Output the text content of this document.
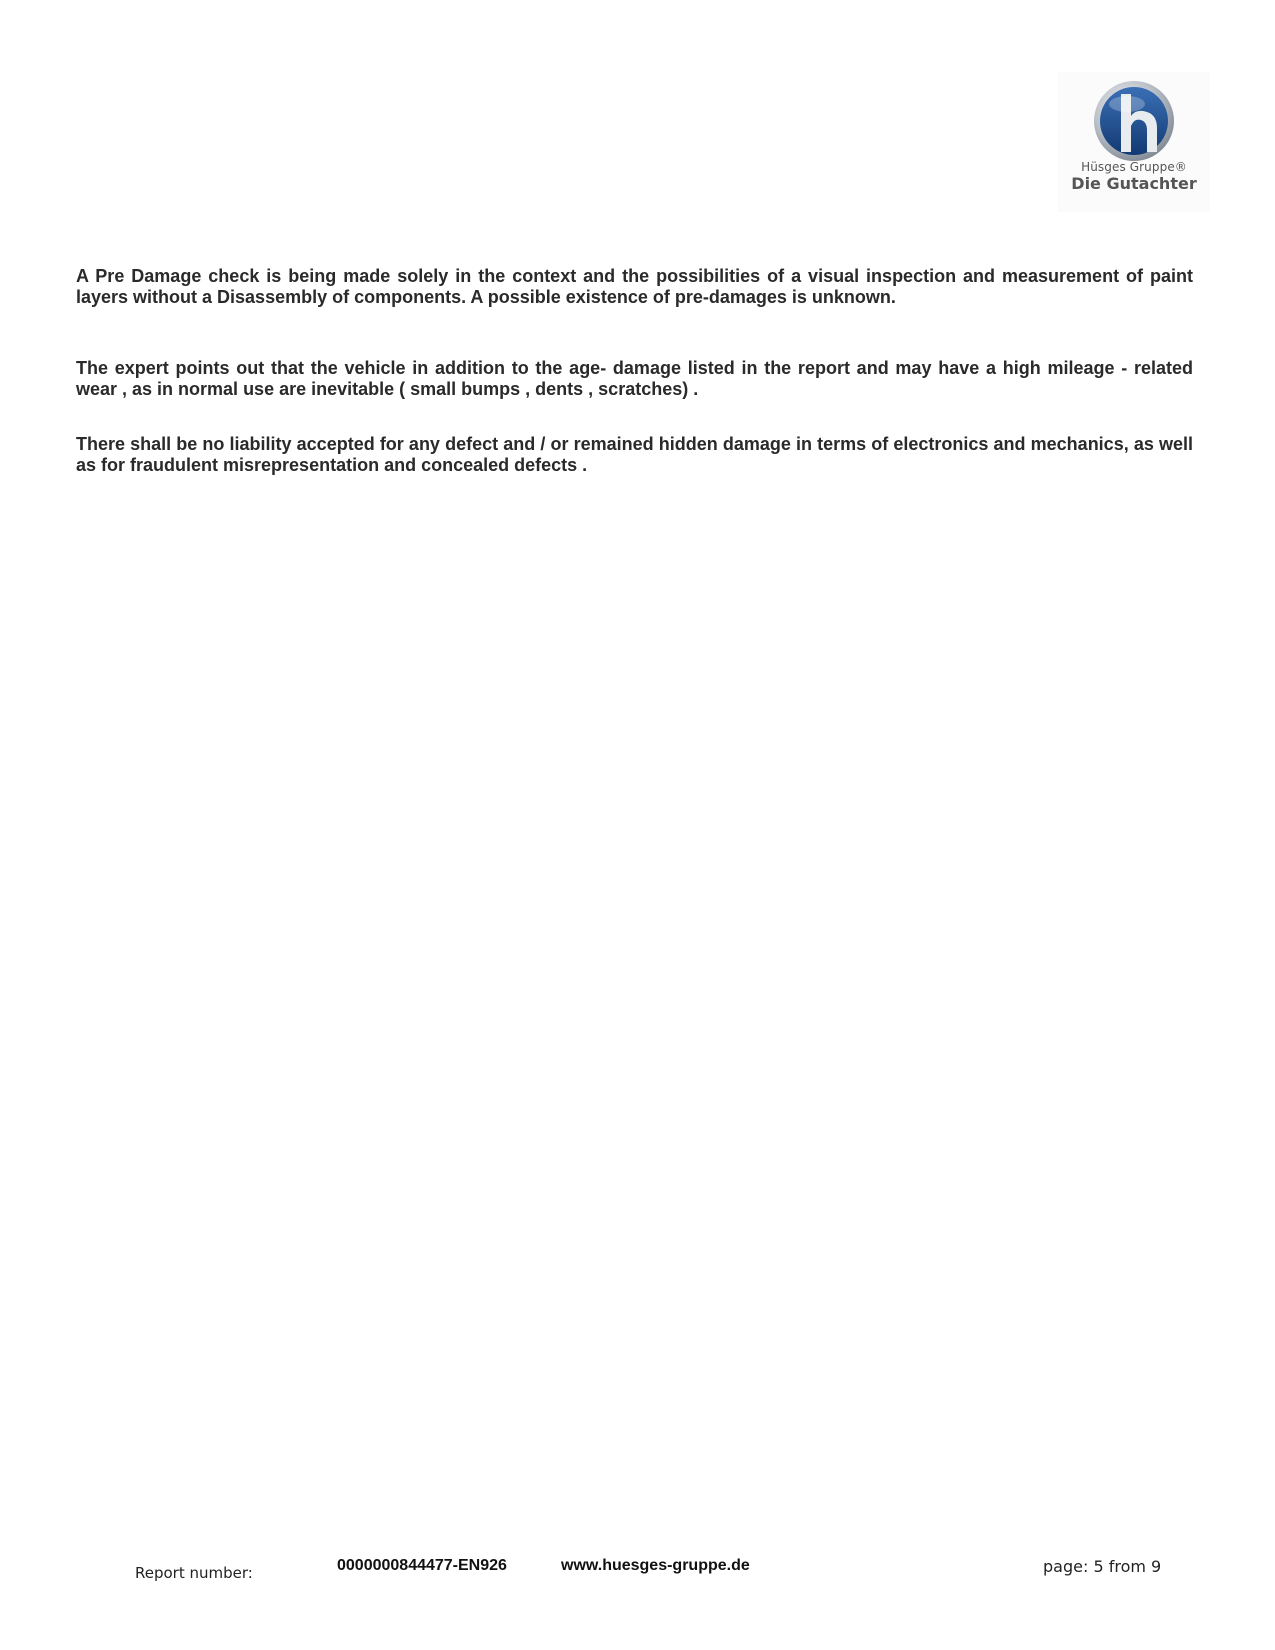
Hüsges Gruppe®
Die Gutachter

A Pre Damage check is being made solely in the context and the possibilities of a visual inspection and measurement of paint layers without a Disassembly of components. A possible existence of pre-damages is unknown.

The expert points out that the vehicle in addition to the age- damage listed in the report and may have a high mileage - related wear , as in normal use are inevitable ( small bumps , dents , scratches) .

There shall be no liability accepted for any defect and / or remained hidden damage in terms of electronics and mechanics, as well as for fraudulent misrepresentation and concealed defects .

Report number:	0000000844477-EN926	www.huesges-gruppe.de	page: 5 from 9
